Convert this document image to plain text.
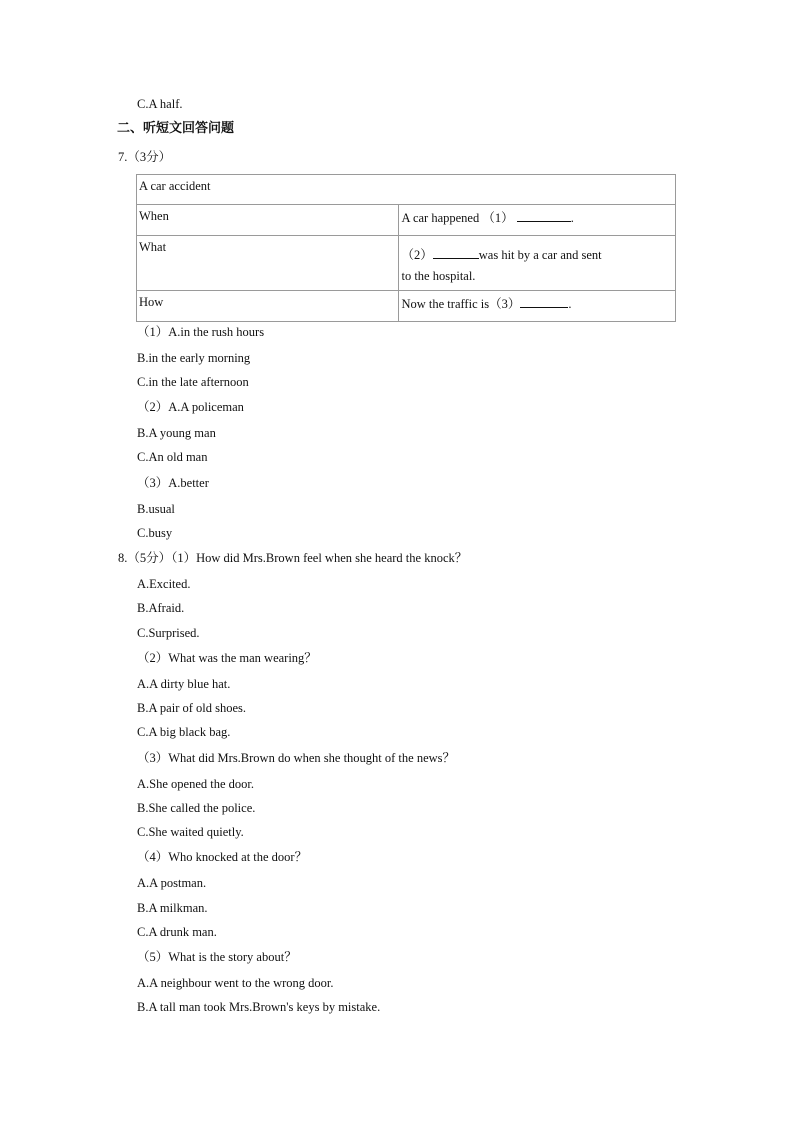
C.A half.
二、听短文回答问题
7.（3分）
A car accident	
When	A car happened （1） .
What	（2） was hit by a car and sent
to the hospital.

How	Now the traffic is（3） .
（1）A.in the rush hours
B.in the early morning
C.in the late afternoon
（2）A.A policeman
B.A young man
C.An old man
（3）A.better
B.usual
C.busy
8.（5分）（1）How did Mrs.Brown feel when she heard the knock？
A.Excited.
B.Afraid.
C.Surprised.
（2）What was the man wearing？
A.A dirty blue hat.
B.A pair of old shoes.
C.A big black bag.
（3）What did Mrs.Brown do when she thought of the news？
A.She opened the door.
B.She called the police.
C.She waited quietly.
（4）Who knocked at the door？
A.A postman.
B.A milkman.
C.A drunk man.
（5）What is the story about？
A.A neighbour went to the wrong door.
B.A tall man took Mrs.Brown's keys by mistake.
